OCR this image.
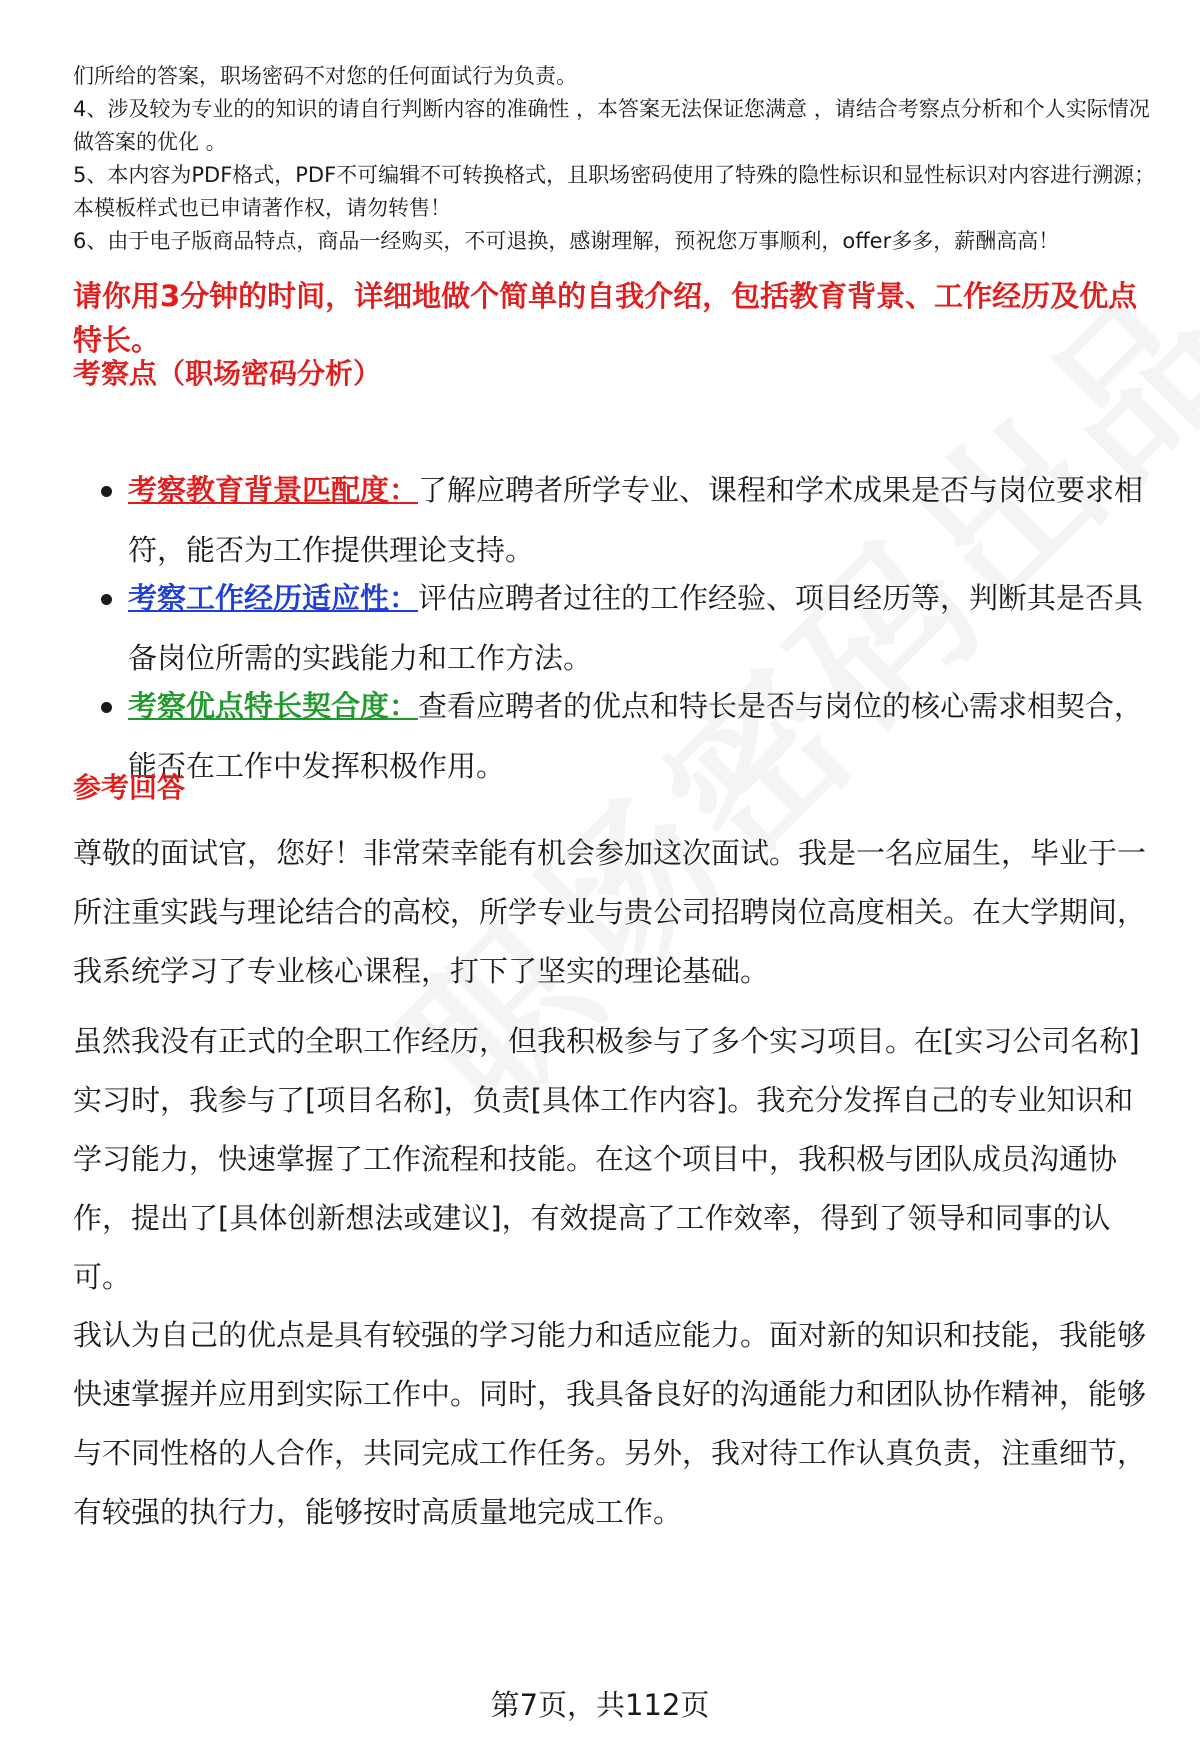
们所给的答案，职场密码不对您的任何面试行为负责。

4、涉及较为专业的的知识的请自行判断内容的准确性 ，本答案无法保证您满意 ，请结合考察点分析和个人实际情况做答案的优化 。

5、本内容为PDF格式，PDF不可编辑不可转换格式，且职场密码使用了特殊的隐性标识和显性标识对内容进行溯源；本模板样式也已申请著作权，请勿转售！

6、由于电子版商品特点，商品一经购买，不可退换，感谢理解，预祝您万事顺利，offer多多，薪酬高高！

请你用3分钟的时间，详细地做个简单的自我介绍，包括教育背景、工作经历及优点特长。
考察点（职场密码分析）
考察教育背景匹配度：了解应聘者所学专业、课程和学术成果是否与岗位要求相符，能否为工作提供理论支持。
考察工作经历适应性：评估应聘者过往的工作经验、项目经历等，判断其是否具备岗位所需的实践能力和工作方法。
考察优点特长契合度：查看应聘者的优点和特长是否与岗位的核心需求相契合，能否在工作中发挥积极作用。
参考回答

尊敬的面试官，您好！非常荣幸能有机会参加这次面试。我是一名应届生，毕业于一所注重实践与理论结合的高校，所学专业与贵公司招聘岗位高度相关。在大学期间，我系统学习了专业核心课程，打下了坚实的理论基础。

虽然我没有正式的全职工作经历，但我积极参与了多个实习项目。在[实习公司名称]实习时，我参与了[项目名称]，负责[具体工作内容]。我充分发挥自己的专业知识和学习能力，快速掌握了工作流程和技能。在这个项目中，我积极与团队成员沟通协作，提出了[具体创新想法或建议]，有效提高了工作效率，得到了领导和同事的认可。

我认为自己的优点是具有较强的学习能力和适应能力。面对新的知识和技能，我能够快速掌握并应用到实际工作中。同时，我具备良好的沟通能力和团队协作精神，能够与不同性格的人合作，共同完成工作任务。另外，我对待工作认真负责，注重细节，有较强的执行力，能够按时高质量地完成工作。

第7页，共112页
